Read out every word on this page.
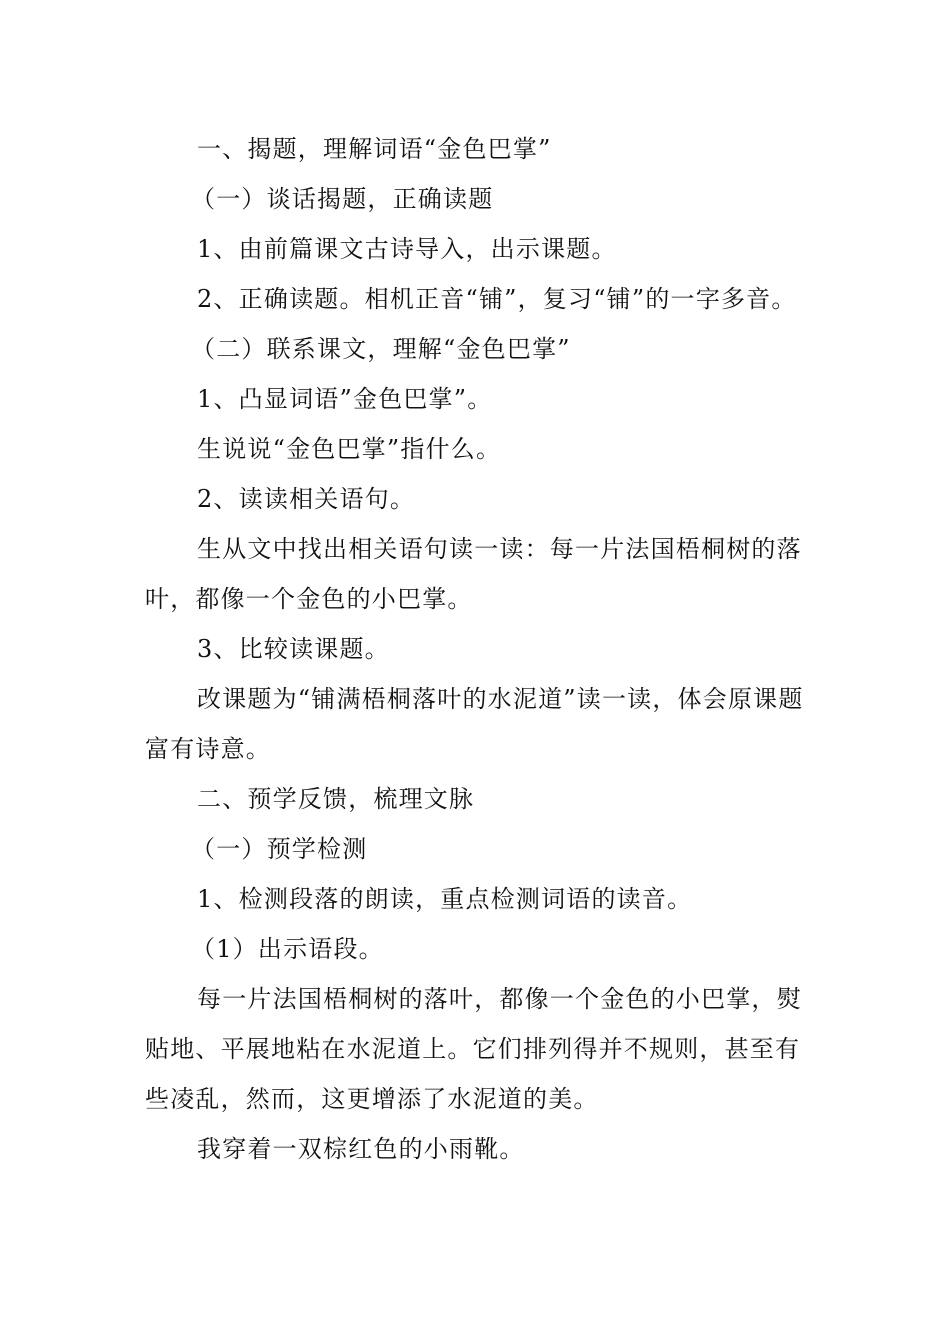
一、揭题，理解词语“金色巴掌”

（一）谈话揭题，正确读题

1、由前篇课文古诗导入，出示课题。

2、正确读题。相机正音“铺”，复习“铺”的一字多音。

（二）联系课文，理解“金色巴掌”

1、凸显词语”金色巴掌”。

生说说“金色巴掌”指什么。

2、读读相关语句。

生从文中找出相关语句读一读：每一片法国梧桐树的落叶，都像一个金色的小巴掌。

3、比较读课题。

改课题为“铺满梧桐落叶的水泥道”读一读，体会原课题富有诗意。

二、预学反馈，梳理文脉

（一）预学检测

1、检测段落的朗读，重点检测词语的读音。

（1）出示语段。

每一片法国梧桐树的落叶，都像一个金色的小巴掌，熨贴地、平展地粘在水泥道上。它们排列得并不规则，甚至有些凌乱，然而，这更增添了水泥道的美。

我穿着一双棕红色的小雨靴。
